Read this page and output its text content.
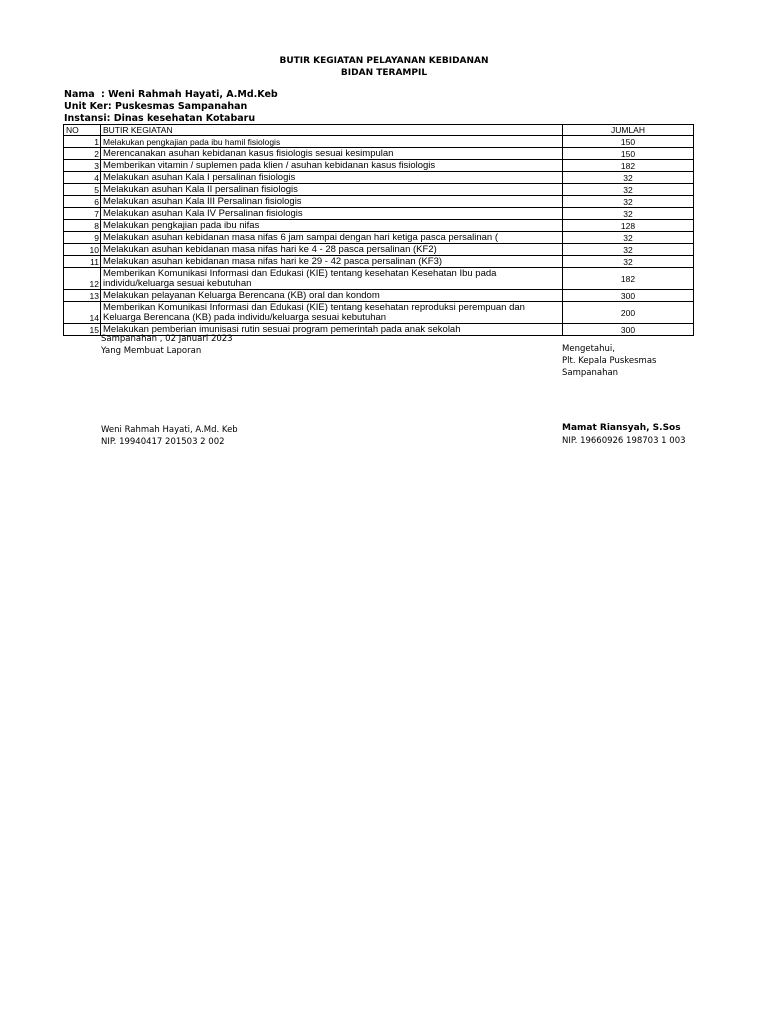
BUTIR KEGIATAN PELAYANAN KEBIDANAN
BIDAN TERAMPIL
Nama : Weni Rahmah Hayati, A.Md.Keb
Unit Ker: Puskesmas Sampanahan
Instansi: Dinas kesehatan Kotabaru
NO	BUTIR KEGIATAN	JUMLAH
1	Melakukan pengkajian pada ibu hamil fisiologis	150
2	Merencanakan asuhan kebidanan kasus fisiologis sesuai kesimpulan	150
3	Memberikan vitamin / suplemen pada klien / asuhan kebidanan kasus fisiologis	182
4	Melakukan asuhan Kala I persalinan fisiologis	32
5	Melakukan asuhan Kala II persalinan fisiologis	32
6	Melakukan asuhan Kala III Persalinan fisiologis	32
7	Melakukan asuhan Kala IV Persalinan fisiologis	32
8	Melakukan pengkajian pada ibu nifas	128
9	Melakukan asuhan kebidanan masa nifas 6 jam sampai dengan hari ketiga pasca persalinan (	32
10	Melakukan asuhan kebidanan masa nifas hari ke 4 - 28 pasca persalinan (KF2)	32
11	Melakukan asuhan kebidanan masa nifas hari ke 29 - 42 pasca persalinan (KF3)	32
12	Memberikan Komunikasi Informasi dan Edukasi (KIE) tentang kesehatan Kesehatan Ibu pada individu/keluarga sesuai kebutuhan	182
13	Melakukan pelayanan Keluarga Berencana (KB) oral dan kondom	300
14	Memberikan Komunikasi Informasi dan Edukasi (KIE) tentang kesehatan reproduksi perempuan dan Keluarga Berencana (KB) pada individu/keluarga sesuai kebutuhan	200
15	Melakukan pemberian imunisasi rutin sesuai program pemerintah pada anak sekolah	300
Sampanahan , 02 Januari 2023
Yang Membuat Laporan
Weni Rahmah Hayati, A.Md. Keb
NIP. 19940417 201503 2 002
Mengetahui,
Plt. Kepala Puskesmas
Sampanahan
Mamat Riansyah, S.Sos
NIP. 19660926 198703 1 003
